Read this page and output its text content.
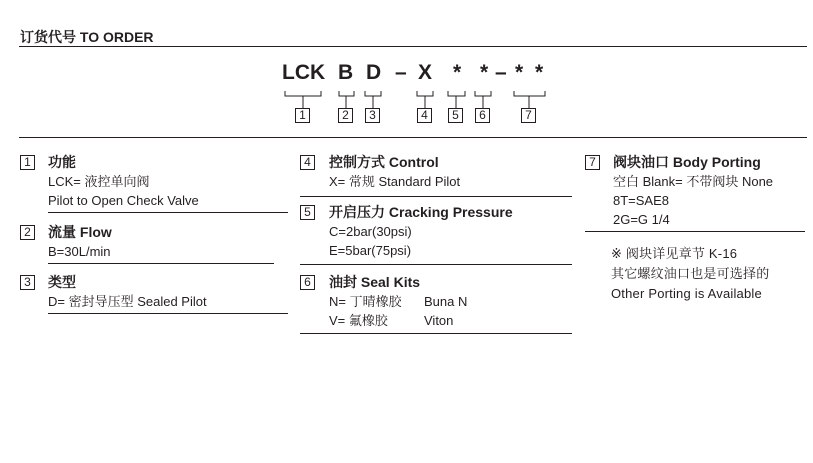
订货代号 TO ORDER
LCK B D – X * * – * *
1	2	3	4	5	6	7
1 功能
LCK= 液控单向阀
Pilot to Open Check Valve
2 流量 Flow
B=30L/min
3 类型
D= 密封导压型 Sealed Pilot
4 控制方式 Control
X= 常规 Standard Pilot
5 开启压力 Cracking Pressure
C=2bar(30psi)
E=5bar(75psi)
6 油封 Seal Kits
N= 丁晴橡胶 Buna N
V= 氟橡胶	Viton
7 阀块油口 Body Porting
空白 Blank= 不带阀块 None
8T=SAE8
2G=G 1/4
※ 阀块详见章节 K-16
其它螺纹油口也是可选择的
Other Porting is Available
